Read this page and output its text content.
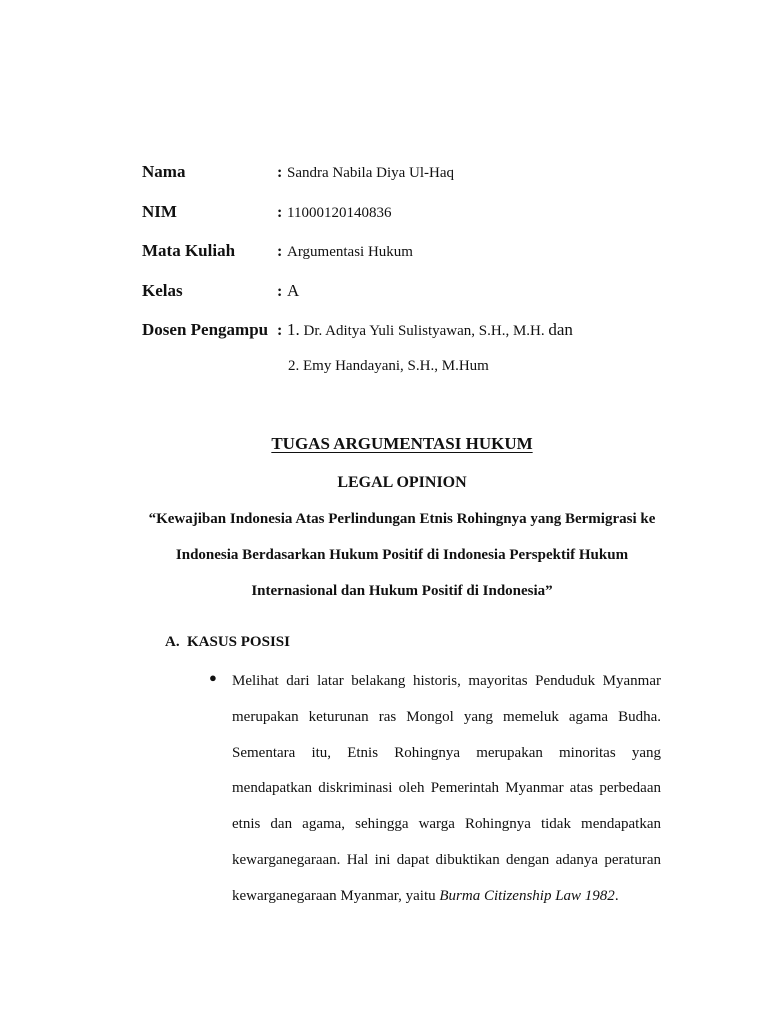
Nama	: Sandra Nabila Diya Ul-Haq
NIM	: 11000120140836
Mata Kuliah	: Argumentasi Hukum
Kelas	: A
Dosen Pengampu : 1. Dr. Aditya Yuli Sulistyawan, S.H., M.H. dan
2. Emy Handayani, S.H., M.Hum
TUGAS ARGUMENTASI HUKUM
LEGAL OPINION
“Kewajiban Indonesia Atas Perlindungan Etnis Rohingnya yang Bermigrasi ke
Indonesia Berdasarkan Hukum Positif di Indonesia Perspektif Hukum
Internasional dan Hukum Positif di Indonesia”
A. KASUS POSISI
● Melihat dari latar belakang historis, mayoritas Penduduk Myanmar merupakan keturunan ras Mongol yang memeluk agama Budha. Sementara itu, Etnis Rohingnya merupakan minoritas yang mendapatkan diskriminasi oleh Pemerintah Myanmar atas perbedaan etnis dan agama, sehingga warga Rohingnya tidak mendapatkan kewarganegaraan. Hal ini dapat dibuktikan dengan adanya peraturan kewarganegaraan Myanmar, yaitu Burma Citizenship Law 1982.
